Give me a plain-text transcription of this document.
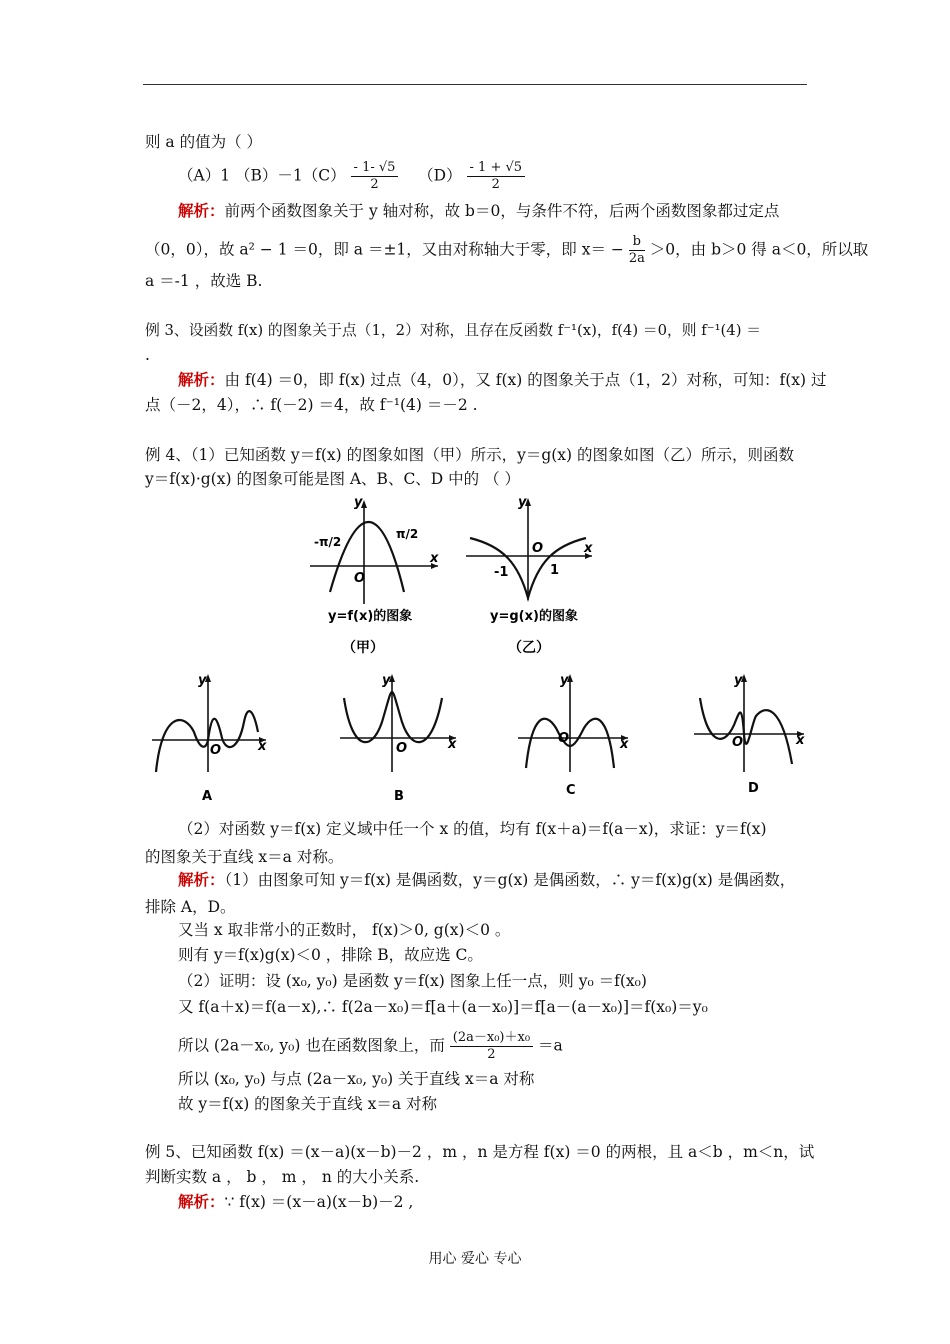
则 a 的值为（ ）
（A）1 $(B)-1(C) \frac{- 1- √5}{2} (D) \frac{- 1 + √5}{2}$
解析：前两个函数图象关于 y 轴对称，故 b＝0，与条件不符，后两个函数图象都过定点
（0，0），故 a² − 1 ＝0，即 a ＝±1，又由对称轴大于零，即 $x= - \frac{b}{2a} >0$，由 b＞0 得 a＜0，所以取
a ＝-1 ，故选 B.
例 3、设函数 f(x) 的图象关于点（1，2）对称，且存在反函数 f⁻¹(x)，f(4) ＝0，则 f⁻¹(4) ＝
.
解析：由 f(4) ＝0，即 f(x) 过点（4，0），又 f(x) 的图象关于点（1，2）对称，可知：f(x) 过
点（－2，4），∴ f(－2) ＝4，故 f⁻¹(4) ＝－2 .
例 4、（1）已知函数 y＝f(x) 的图象如图（甲）所示，y＝g(x) 的图象如图（乙）所示，则函数
y＝f(x)·g(x) 的图象可能是图 A、B、C、D 中的 （ ）
y
x
O
-π/2
π/2
y=f(x)的图象
（甲）
y
x
O
-1	1
y=g(x)的图象
（乙）
y
x
O
A
y
x
O
B
y
x
O
C
y
x
O
D
（2）对函数 y＝f(x) 定义域中任一个 x 的值，均有 f(x＋a)＝f(a－x)，求证：y＝f(x)
的图象关于直线 x＝a 对称。
解析：（1）由图象可知 y＝f(x) 是偶函数，y＝g(x) 是偶函数，∴ y＝f(x)g(x) 是偶函数，
排除 A，D。
又当 x 取非常小的正数时， f(x)＞0, g(x)＜0 。
则有 y＝f(x)g(x)＜0 ，排除 B，故应选 C。
（2）证明：设 (x₀, y₀) 是函数 y＝f(x) 图象上任一点，则 y₀ ＝f(x₀)
又 f(a＋x)＝f(a－x),∴ f(2a－x₀)＝f[a＋(a－x₀)]＝f[a－(a－x₀)]＝f(x₀)＝y₀
所以 (2a－x₀, y₀) 也在函数图象上，而 $\frac{\text{(2a－x₀)＋x₀}}{2} =a$
所以 (x₀, y₀) 与点 (2a－x₀, y₀) 关于直线 x＝a 对称
故 y＝f(x) 的图象关于直线 x＝a 对称
例 5、已知函数 f(x) ＝(x－a)(x－b)－2 ，m ，n 是方程 f(x) ＝0 的两根，且 a＜b ，m＜n，试
判断实数 a ， b ， m ， n 的大小关系.
解析：∵ f(x) ＝(x－a)(x－b)－2 ,
用心 爱心 专心
